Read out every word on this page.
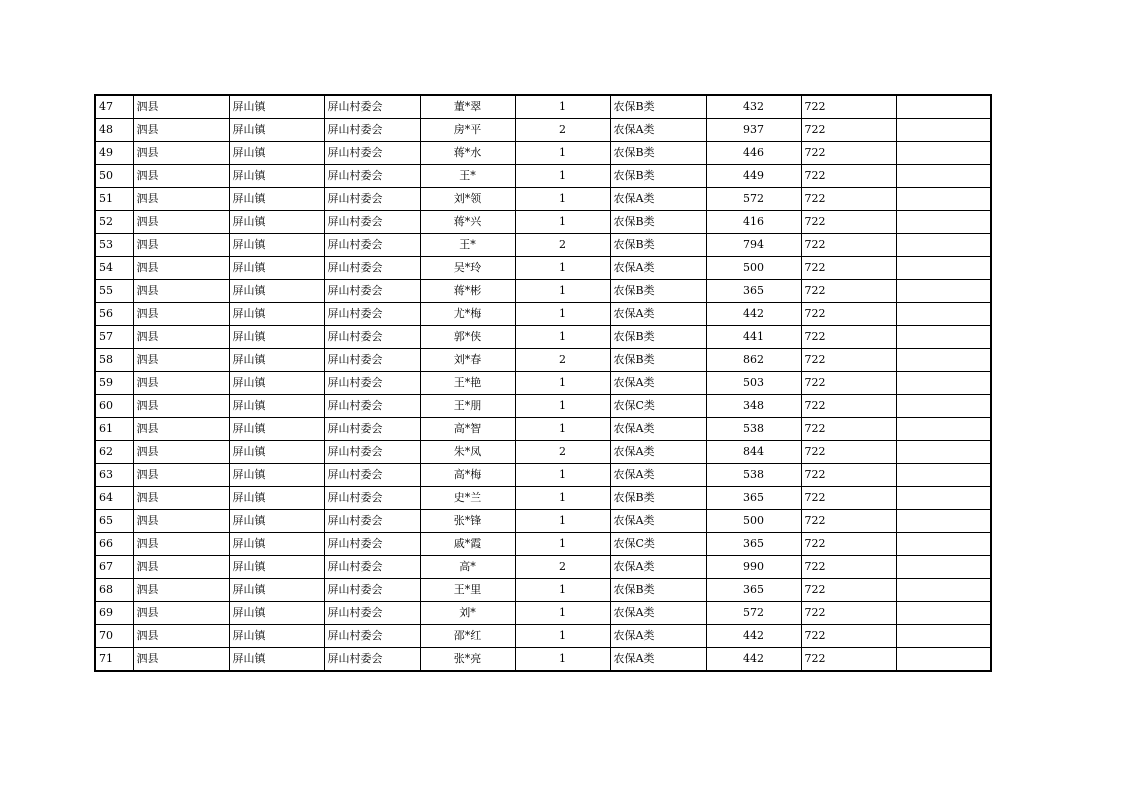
47	泗县	屏山镇	屏山村委会	董*翠	1	农保B类	432	722	
48	泗县	屏山镇	屏山村委会	房*平	2	农保A类	937	722	
49	泗县	屏山镇	屏山村委会	蒋*水	1	农保B类	446	722	
50	泗县	屏山镇	屏山村委会	王*	1	农保B类	449	722	
51	泗县	屏山镇	屏山村委会	刘*领	1	农保A类	572	722	
52	泗县	屏山镇	屏山村委会	蒋*兴	1	农保B类	416	722	
53	泗县	屏山镇	屏山村委会	王*	2	农保B类	794	722	
54	泗县	屏山镇	屏山村委会	吴*玲	1	农保A类	500	722	
55	泗县	屏山镇	屏山村委会	蒋*彬	1	农保B类	365	722	
56	泗县	屏山镇	屏山村委会	尤*梅	1	农保A类	442	722	
57	泗县	屏山镇	屏山村委会	郭*侠	1	农保B类	441	722	
58	泗县	屏山镇	屏山村委会	刘*春	2	农保B类	862	722	
59	泗县	屏山镇	屏山村委会	王*艳	1	农保A类	503	722	
60	泗县	屏山镇	屏山村委会	王*朋	1	农保C类	348	722	
61	泗县	屏山镇	屏山村委会	高*智	1	农保A类	538	722	
62	泗县	屏山镇	屏山村委会	朱*凤	2	农保A类	844	722	
63	泗县	屏山镇	屏山村委会	高*梅	1	农保A类	538	722	
64	泗县	屏山镇	屏山村委会	史*兰	1	农保B类	365	722	
65	泗县	屏山镇	屏山村委会	张*锋	1	农保A类	500	722	
66	泗县	屏山镇	屏山村委会	戚*霞	1	农保C类	365	722	
67	泗县	屏山镇	屏山村委会	高*	2	农保A类	990	722	
68	泗县	屏山镇	屏山村委会	王*里	1	农保B类	365	722	
69	泗县	屏山镇	屏山村委会	刘*	1	农保A类	572	722	
70	泗县	屏山镇	屏山村委会	邵*红	1	农保A类	442	722	
71	泗县	屏山镇	屏山村委会	张*亮	1	农保A类	442	722	
